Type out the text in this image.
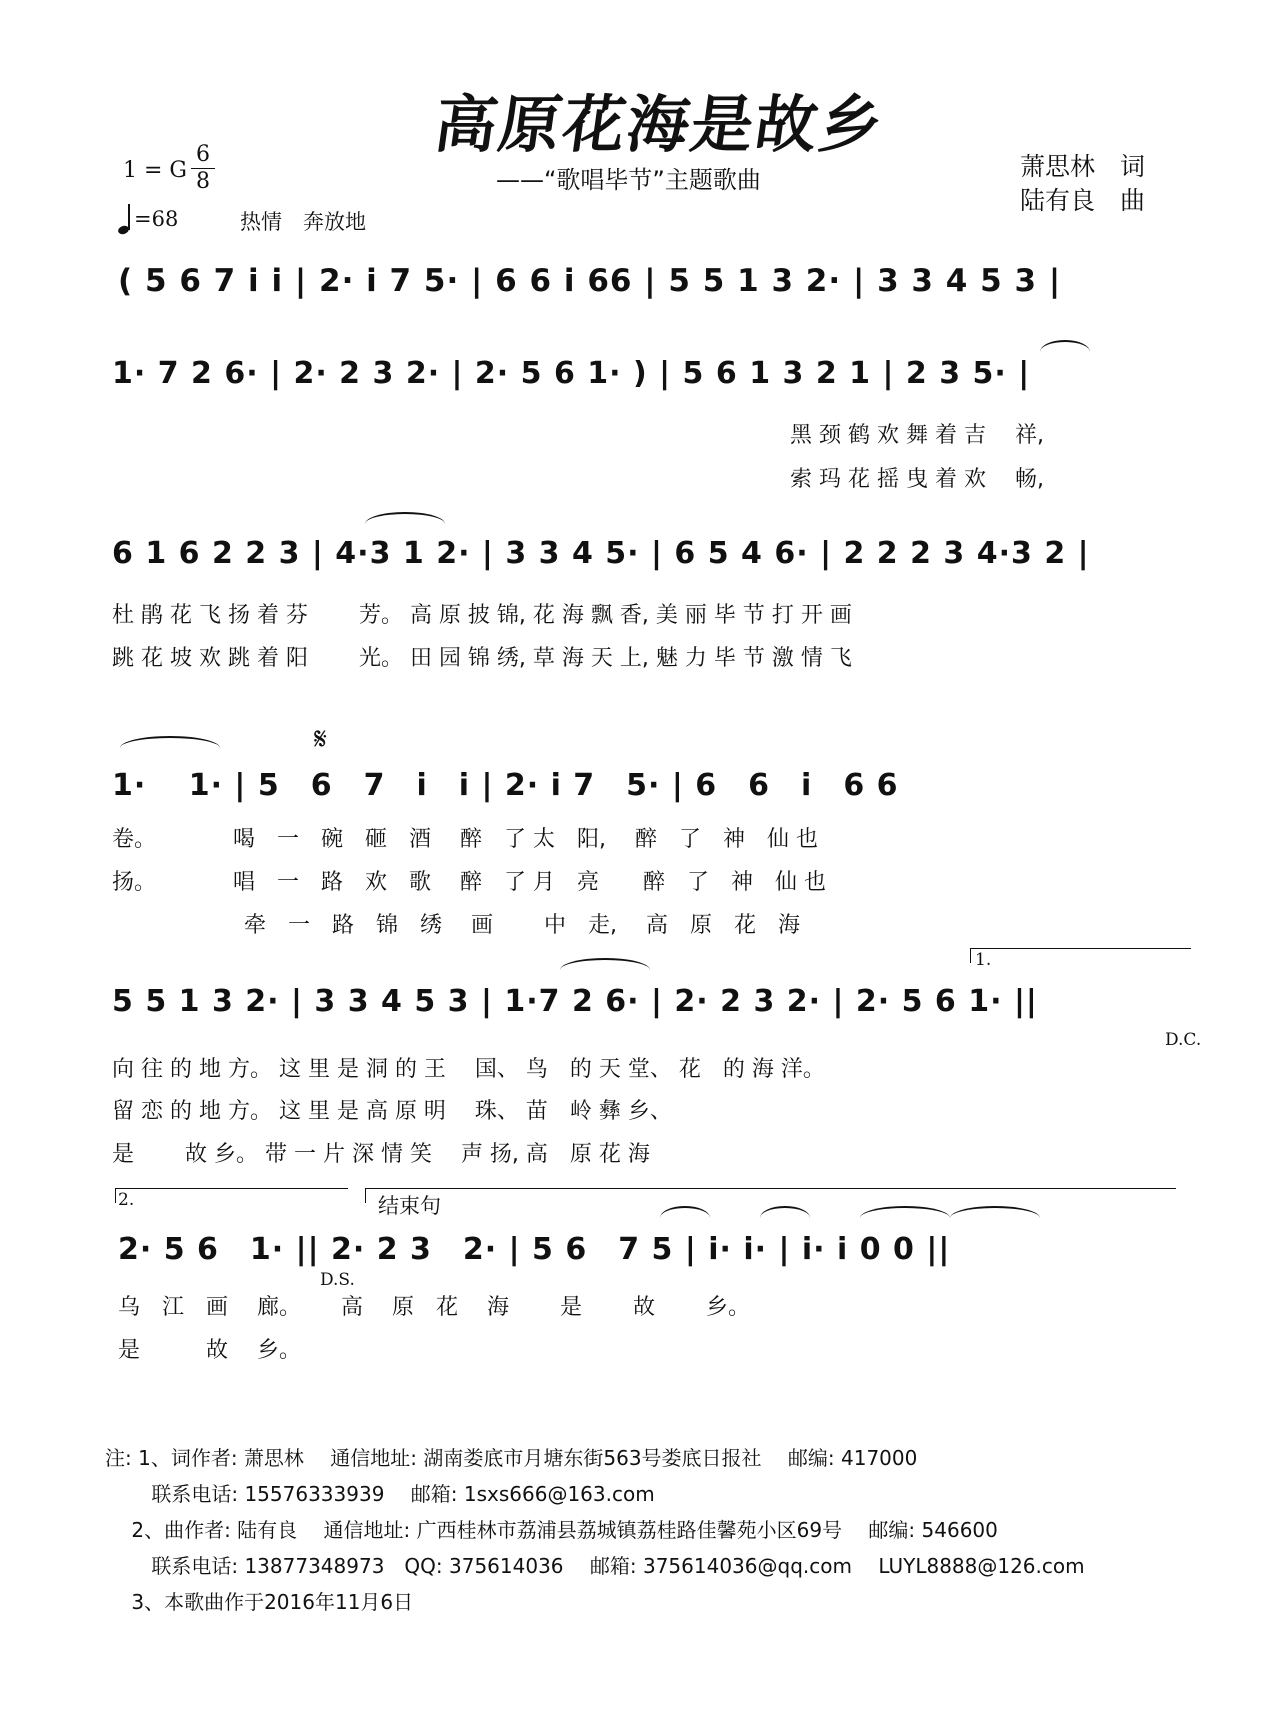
高原花海是故乡
——“歌唱毕节”主题歌曲	萧思林　词
陆有良　曲
1 = G
6
8
=68	热情　奔放地
( 5 6 7 i i | 2· i 7 5· | 6 6 i 66 | 5 5 1 3 2· | 3 3 4 5 3 |
1· 7 2 6· | 2· 2 3 2· | 2· 5 6 1· ) | 5 6 1 3 2 1 | 2 3 5· |
黑 颈 鹤 欢 舞 着 吉　 祥,
索 玛 花 摇 曳 着 欢　 畅,
6 1 6 2 2 3 | 4·3 1 2· | 3 3 4 5· | 6 5 4 6· | 2 2 2 3 4·3 2 |
杜 鹃 花 飞 扬 着 芬　　 芳。 高 原 披 锦, 花 海 飘 香, 美 丽 毕 节 打 开 画
跳 花 坡 欢 跳 着 阳　　 光。 田 园 锦 绣, 草 海 天 上, 魅 力 毕 节 激 情 飞
𝄋
1·　 1· | 5　6　7　i　i | 2· i 7　5· | 6　6　i　6 6
卷。　　　　喝　一　碗　砸　酒　 醉　了 太　阳,　 醉　了　神　仙 也
扬。　　　　唱　一　路　欢　歌　 醉　了 月　亮　　醉　了　神　仙 也
　　　　　　牵　一　路　锦　绣　 画　　 中　走,　 高　原　花　海
1.
5 5 1 3 2· | 3 3 4 5 3 | 1·7 2 6· | 2· 2 3 2· | 2· 5 6 1· ||
D.C.
向 往 的 地 方。 这 里 是 洞 的 王　 国、 鸟　的 天 堂、 花　的 海 洋。
留 恋 的 地 方。 这 里 是 高 原 明　 珠、 苗　岭 彝 乡、
是　　 故 乡。 带 一 片 深 情 笑　 声 扬, 高　原 花 海
2.	结束句
2· 5 6　1· || 2· 2 3　2· | 5 6　7 5 | i· i· | i· i 0 0 ||
D.S.
乌　江　画　 廊。　　 高　 原　花　 海　　 是　　 故　　 乡。
是　　　故　 乡。
注: 1、词作者: 萧思林　 通信地址: 湖南娄底市月塘东街563号娄底日报社　 邮编: 417000
　　 联系电话: 15576333939　 邮箱: 1sxs666@163.com
　 2、曲作者: 陆有良　 通信地址: 广西桂林市荔浦县荔城镇荔桂路佳馨苑小区69号　 邮编: 546600
　　 联系电话: 13877348973　QQ: 375614036　 邮箱: 375614036@qq.com　 LUYL8888@126.com
　 3、本歌曲作于2016年11月6日
